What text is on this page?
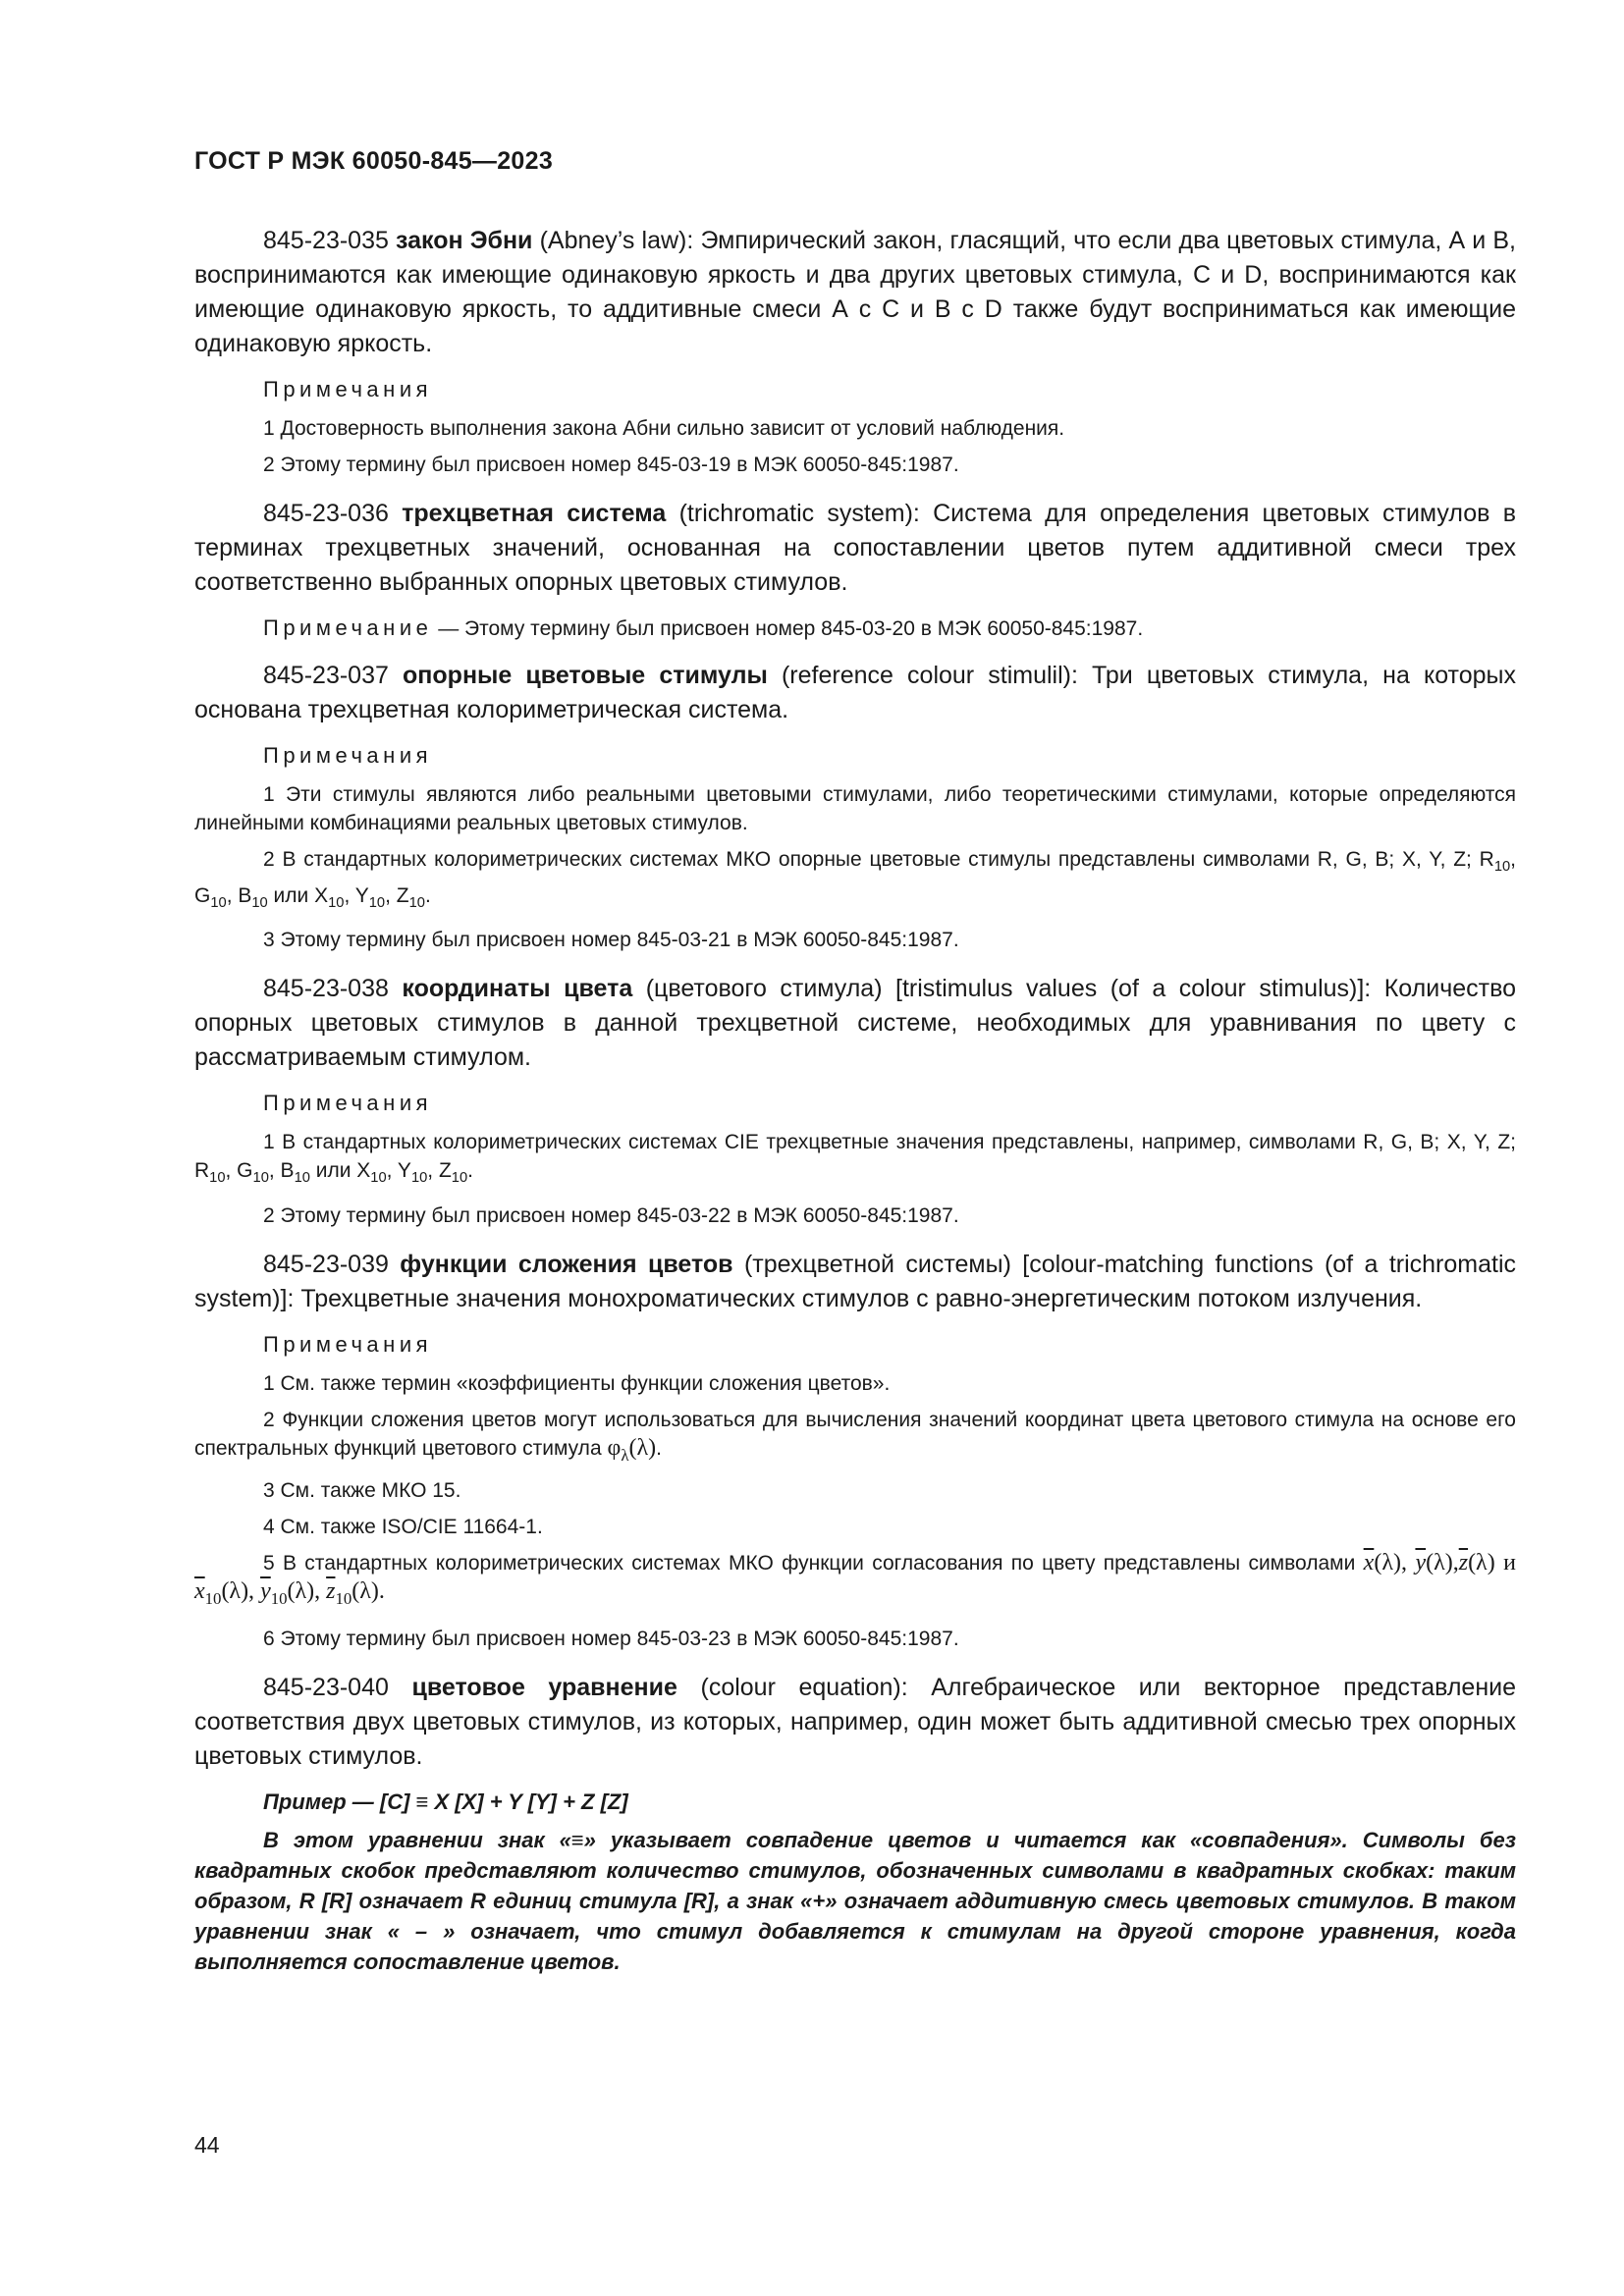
ГОСТ Р МЭК 60050-845—2023

845-23-035 закон Эбни (Abney’s law): Эмпирический закон, гласящий, что если два цветовых стимула, А и В, воспринимаются как имеющие одинаковую яркость и два других цветовых стимула, C и D, воспринимаются как имеющие одинаковую яркость, то аддитивные смеси А с С и В с D также будут восприниматься как имеющие одинаковую яркость.

Примечания

1 Достоверность выполнения закона Абни сильно зависит от условий наблюдения.

2 Этому термину был присвоен номер 845-03-19 в МЭК 60050-845:1987.

845-23-036 трехцветная система (trichromatic system): Система для определения цветовых стимулов в терминах трехцветных значений, основанная на сопоставлении цветов путем аддитивной смеси трех соответственно выбранных опорных цветовых стимулов.

Примечание — Этому термину был присвоен номер 845-03-20 в МЭК 60050-845:1987.

845-23-037 опорные цветовые стимулы (reference colour stimulil): Три цветовых стимула, на которых основана трехцветная колориметрическая система.

Примечания

1 Эти стимулы являются либо реальными цветовыми стимулами, либо теоретическими стимулами, которые определяются линейными комбинациями реальных цветовых стимулов.

2 В стандартных колориметрических системах МКО опорные цветовые стимулы представлены символами R, G, B; X, Y, Z; $R_{10}$, $G_{10}$, $B_{10}$ или $X_{10}$, $Y_{10}$, $Z_{10}$.

3 Этому термину был присвоен номер 845-03-21 в МЭК 60050-845:1987.

845-23-038 координаты цвета (цветового стимула) [tristimulus values (of a colour stimulus)]: Количество опорных цветовых стимулов в данной трехцветной системе, необходимых для уравнивания по цвету с рассматриваемым стимулом.

Примечания

1 В стандартных колориметрических системах CIE трехцветные значения представлены, например, символами R, G, B; X, Y, Z; $R_{10}$, $G_{10}$, $B_{10}$ или $X_{10}$, $Y_{10}$, $Z_{10}$.

2 Этому термину был присвоен номер 845-03-22 в МЭК 60050-845:1987.

845-23-039 функции сложения цветов (трехцветной системы) [colour-matching functions (of a trichromatic system)]: Трехцветные значения монохроматических стимулов с равно-энергетическим потоком излучения.

Примечания

1 См. также термин «коэффициенты функции сложения цветов».

2 Функции сложения цветов могут использоваться для вычисления значений координат цвета цветового стимула на основе его спектральных функций цветового стимула $\varphi_\lambda(\lambda)$.

3 См. также МКО 15.

4 См. также ISO/CIE 11664-1.

5 В стандартных колориметрических системах МКО функции согласования по цвету представлены символами $\overline{x}(\lambda)$, $\overline{y}(\lambda),\overline{z}(\lambda)$ и $\overline{x}_{10}(\lambda)$, $\overline{y}_{10}(\lambda)$, $\overline{z}_{10}(\lambda)$.

6 Этому термину был присвоен номер 845-03-23 в МЭК 60050-845:1987.

845-23-040 цветовое уравнение (colour equation): Алгебраическое или векторное представление соответствия двух цветовых стимулов, из которых, например, один может быть аддитивной смесью трех опорных цветовых стимулов.

Пример — [C] ≡ X [X] + Y [Y] + Z [Z]

В этом уравнении знак «≡» указывает совпадение цветов и читается как «совпадения». Символы без квадратных скобок представляют количество стимулов, обозначенных символами в квадратных скобках: таким образом, R [R] означает R единиц стимула [R], а знак «+» означает аддитивную смесь цветовых стимулов. В таком уравнении знак « – » означает, что стимул добавляется к стимулам на другой стороне уравнения, когда выполняется сопоставление цветов.

44
